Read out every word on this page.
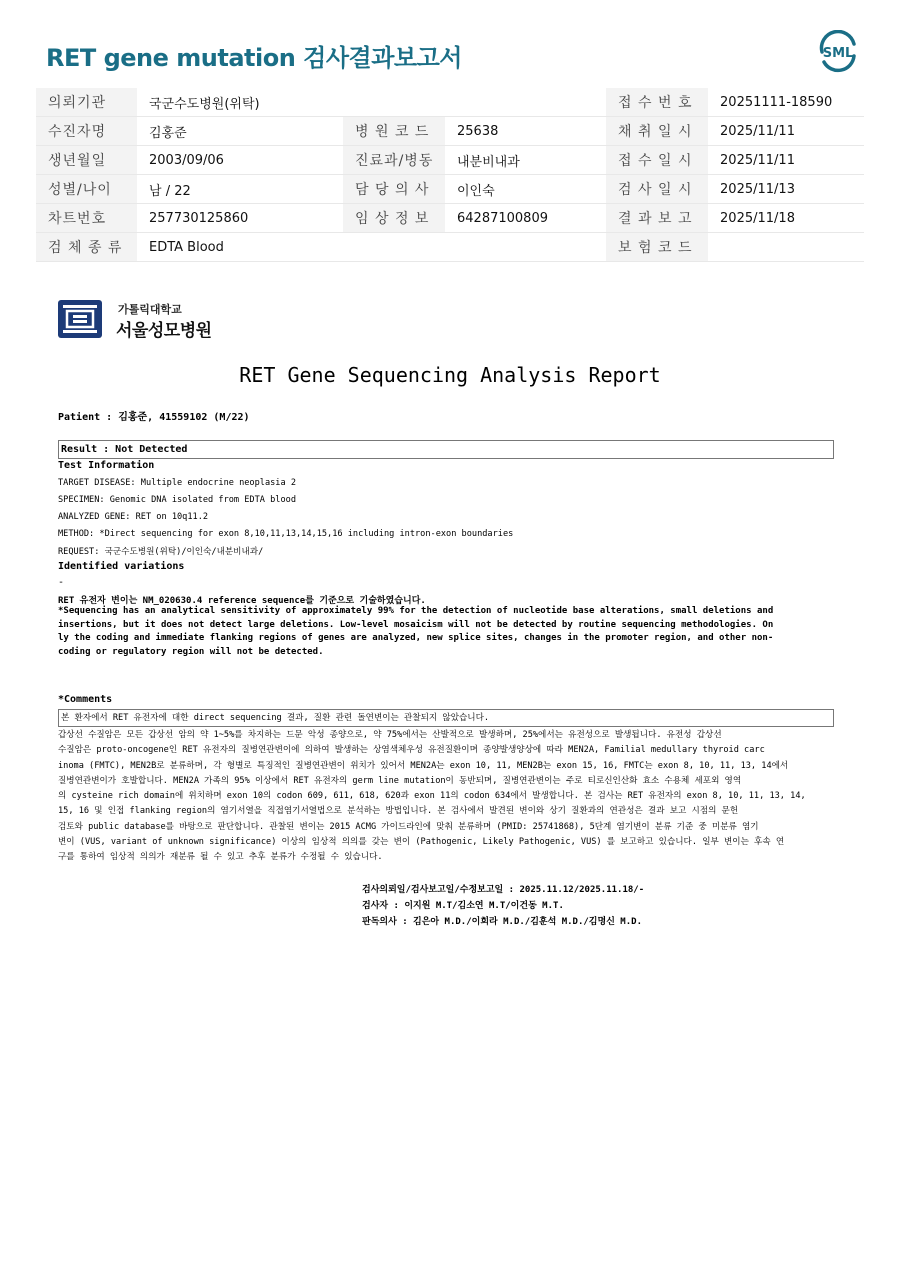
RET gene mutation 검사결과보고서	SML
의뢰기관	국군수도병원(위탁)			접 수 번 호	20251111-18590
수진자명	김홍준	병 원 코 드	25638	채 취 일 시	2025/11/11
생년월일	2003/09/06	진료과/병동	내분비내과	접 수 일 시	2025/11/11
성별/나이	남 / 22	담 당 의 사	이인숙	검 사 일 시	2025/11/13
차트번호	257730125860	임 상 정 보	64287100809	결 과 보 고	2025/11/18
검 체 종 류	EDTA Blood			보 험 코 드	
가톨릭대학교
서울성모병원
RET Gene Sequencing Analysis Report
Patient : 김홍준, 41559102 (M/22)
Result : Not Detected
Test Information
TARGET DISEASE: Multiple endocrine neoplasia 2
SPECIMEN: Genomic DNA isolated from EDTA blood
ANALYZED GENE: RET on 10q11.2
METHOD: *Direct sequencing for exon 8,10,11,13,14,15,16 including intron-exon boundaries
REQUEST: 국군수도병원(위탁)/이인숙/내분비내과/
Identified variations
-
RET 유전자 변이는 NM_020630.4 reference sequence를 기준으로 기술하였습니다.
*Sequencing has an analytical sensitivity of approximately 99% for the detection of nucleotide base alterations, small deletions and
insertions, but it does not detect large deletions. Low-level mosaicism will not be detected by routine sequencing methodologies. On
ly the coding and immediate flanking regions of genes are analyzed, new splice sites, changes in the promoter region, and other non-
coding or regulatory region will not be detected.
*Comments
본 환자에서 RET 유전자에 대한 direct sequencing 결과, 질환 관련 돌연변이는 관찰되지 않았습니다.
갑상선 수질암은 모든 갑상선 암의 약 1~5%를 차지하는 드문 악성 종양으로, 약 75%에서는 산발적으로 발생하며, 25%에서는 유전성으로 발생됩니다. 유전성 갑상선
수질암은 proto-oncogene인 RET 유전자의 질병연관변이에 의하여 발생하는 상염색체우성 유전질환이며 종양발생양상에 따라 MEN2A, Familial medullary thyroid carc
inoma (FMTC), MEN2B로 분류하며, 각 형별로 특징적인 질병연관변이 위치가 있어서 MEN2A는 exon 10, 11, MEN2B는 exon 15, 16, FMTC는 exon 8, 10, 11, 13, 14에서
질병연관변이가 호발합니다. MEN2A 가족의 95% 이상에서 RET 유전자의 germ line mutation이 동반되며, 질병연관변이는 주로 티로신인산화 효소 수용체 세포외 영역
의 cysteine rich domain에 위치하며 exon 10의 codon 609, 611, 618, 620과 exon 11의 codon 634에서 발생합니다. 본 검사는 RET 유전자의 exon 8, 10, 11, 13, 14,
15, 16 및 인접 flanking region의 염기서열을 직접염기서열법으로 분석하는 방법입니다. 본 검사에서 발견된 변이와 상기 질환과의 연관성은 결과 보고 시점의 문헌
검토와 public database를 바탕으로 판단합니다. 관찰된 변이는 2015 ACMG 가이드라인에 맞춰 분류하며 (PMID: 25741868), 5단계 염기변이 분류 기준 중 미분류 염기
변이 (VUS, variant of unknown significance) 이상의 임상적 의의를 갖는 변이 (Pathogenic, Likely Pathogenic, VUS) 를 보고하고 있습니다. 일부 변이는 후속 연
구를 통하여 임상적 의의가 재분류 될 수 있고 추후 분류가 수정될 수 있습니다.
검사의뢰일/검사보고일/수정보고일 : 2025.11.12/2025.11.18/-
검사자 : 이지원 M.T/김소연 M.T/이건동 M.T.
판독의사 : 김은아 M.D./이희라 M.D./김훈석 M.D./김명신 M.D.
